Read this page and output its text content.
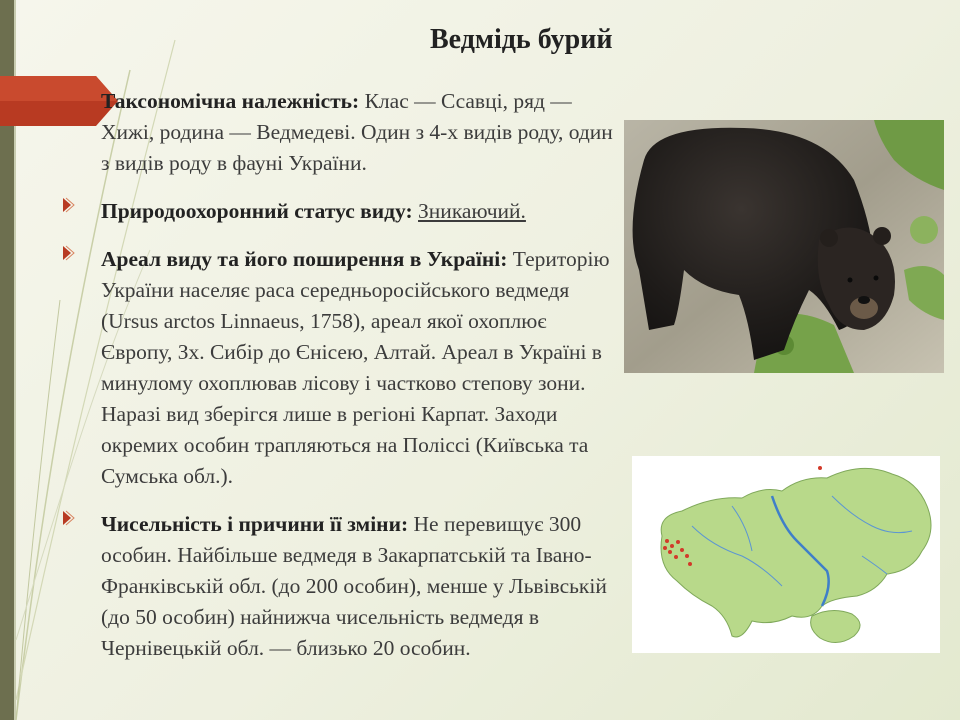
Ведмідь бурий

Таксономічна належність: Клас — Ссавці, ряд — Хижі, родина — Ведмедеві. Один з 4-х видів роду, один з видів роду в фауні України.

Природоохоронний статус виду: Зникаючий.

Ареал виду та його поширення в Україні: Територію України населяє раса середньоросійського ведмедя (Ursus arctos Linnaeus, 1758), ареал якої охоплює Європу, Зх. Сибір до Єнісею, Алтай. Ареал в Україні в минулому охоплював лісову і частково степову зони. Наразі вид зберігся лише в регіоні Карпат. Заходи окремих особин трапляються на Поліссі (Київська та Сумська обл.).

Чисельність і причини її зміни: Не перевищує 300 особин. Найбільше ведмедя в Закарпатській та Івано-Франківській обл. (до 200 особин), менше у Львівській (до 50 особин) найнижча чисельність ведмедя в Чернівецькій обл. — близько 20 особин.
